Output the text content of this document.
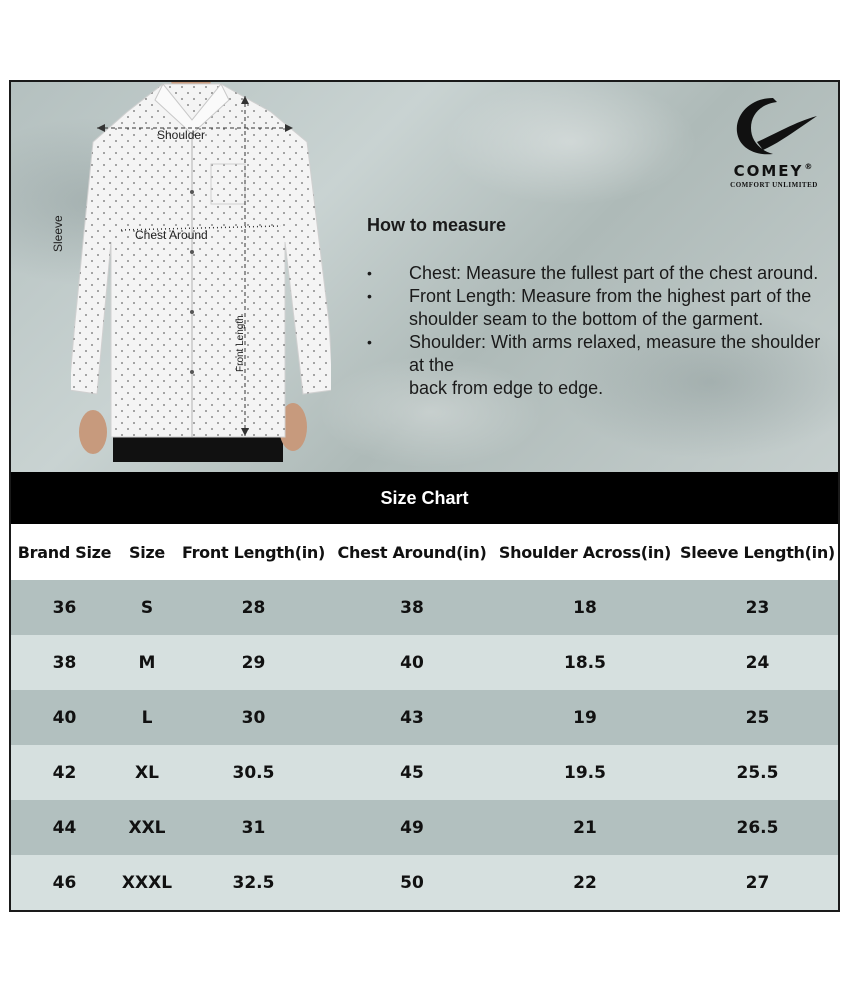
Shoulder
Chest Around
Sleeve
Front Length
COMEY®
COMFORT UNLIMITED
How to measure
• Chest: Measure the fullest part of the chest around.
• Front Length: Measure from the highest part of the shoulder seam to the bottom of the garment.
• Shoulder: With arms relaxed, measure the shoulder at the
back from edge to edge.
Size Chart
Brand Size	Size	Front Length(in)	Chest Around(in)	Shoulder Across(in)	Sleeve Length(in)
36	S	28	38	18	23
38	M	29	40	18.5	24
40	L	30	43	19	25
42	XL	30.5	45	19.5	25.5
44	XXL	31	49	21	26.5
46	XXXL	32.5	50	22	27
